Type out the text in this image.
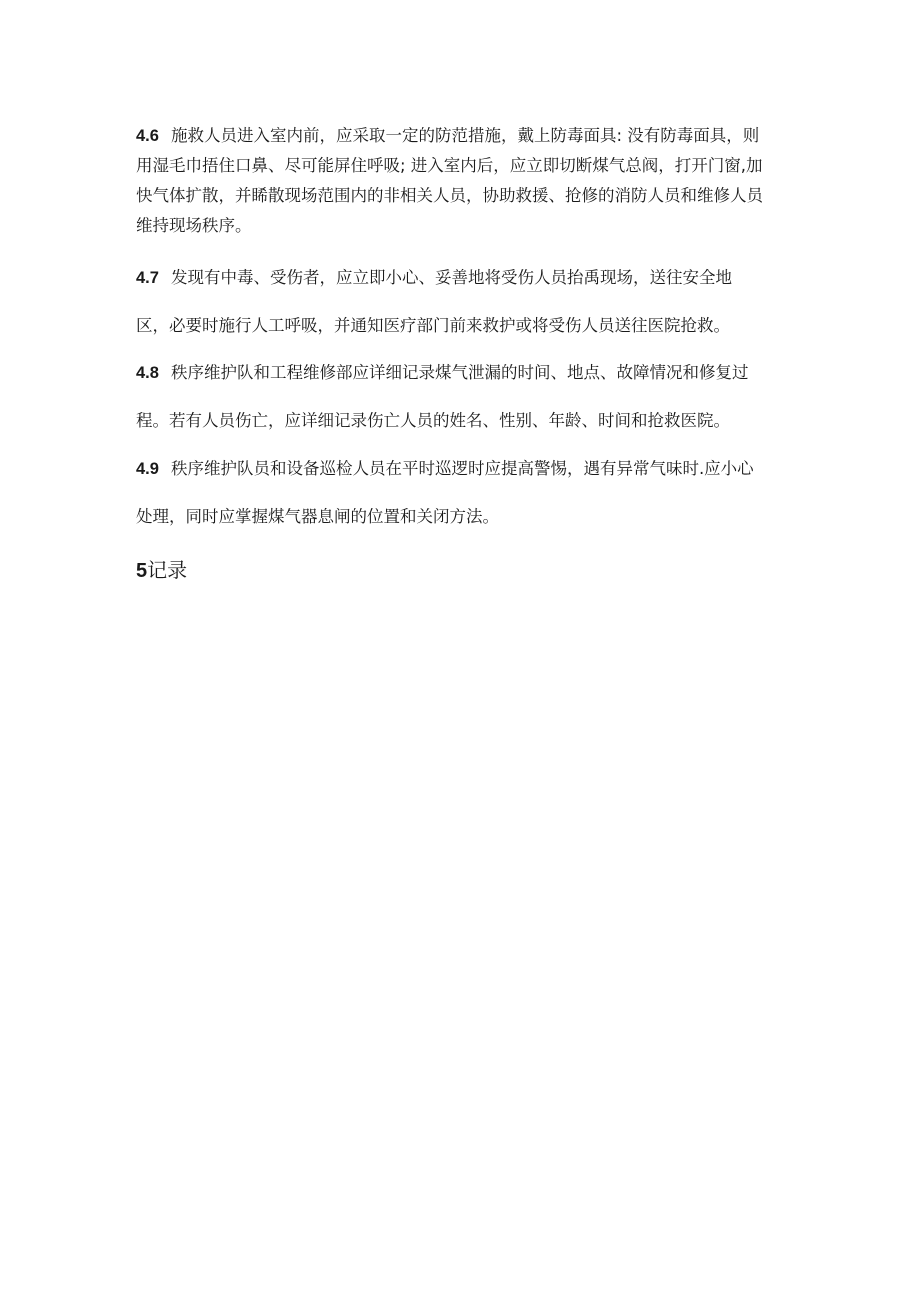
4.6 施救人员进入室内前，应采取一定的防范措施，戴上防毒面具: 没有防毒面具，则
用湿毛巾捂住口鼻、尽可能屏住呼吸; 进入室内后，应立即切断煤气总阀，打开门窗,加
快气体扩散，并睎散现场范围内的非相关人员，协助救援、抢修的消防人员和维修人员
维持现场秩序。
4.7 发现有中毒、受伤者，应立即小心、妥善地将受伤人员抬禹现场，送往安全地
区，必要时施行人工呼吸，并通知医疗部门前来救护或将受伤人员送往医院抢救。
4.8 秩序维护队和工程维修部应详细记录煤气泄漏的时间、地点、故障情况和修复过
程。若有人员伤亡，应详细记录伤亡人员的姓名、性别、年龄、时间和抢救医院。
4.9 秩序维护队员和设备巡检人员在平时巡逻时应提高警惕，遇有异常气味时.应小心
处理，同时应掌握煤气器息闸的位置和关闭方法。
5记录
